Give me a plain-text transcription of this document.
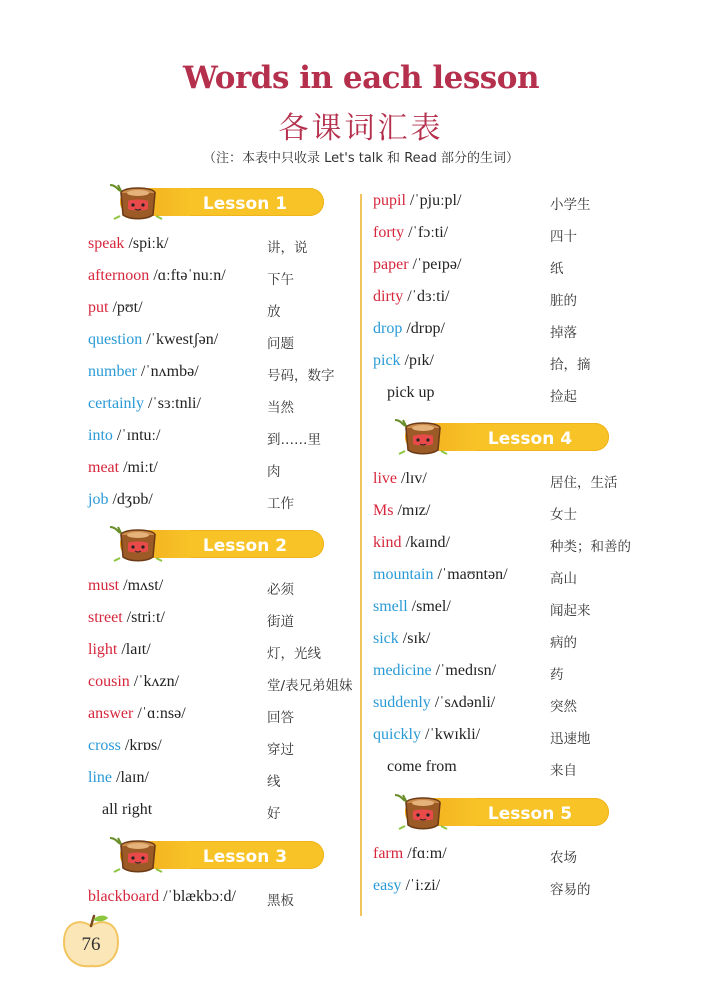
Words in each lesson
各课词汇表
（注：本表中只收录 Let's talk 和 Read 部分的生词）
Lesson 1
speak /spiːk/	讲，说
afternoon /ɑːftəˈnuːn/	下午
put /pʊt/	放
question /ˈkwestʃən/	问题
number /ˈnʌmbə/	号码，数字
certainly /ˈsɜːtnli/	当然
into /ˈɪntuː/	到……里
meat /miːt/	肉
job /dʒɒb/	工作
Lesson 2
must /mʌst/	必须
street /striːt/	街道
light /laɪt/	灯，光线
cousin /ˈkʌzn/	堂/表兄弟姐妹
answer /ˈɑːnsə/	回答
cross /krɒs/	穿过
line /laɪn/	线
all right	好
Lesson 3
blackboard /ˈblækbɔːd/ 黑板
pupil /ˈpjuːpl/	小学生
forty /ˈfɔːti/	四十
paper /ˈpeɪpə/	纸
dirty /ˈdɜːti/	脏的
drop /drɒp/	掉落
pick /pɪk/	拾，摘
pick up	捡起
Lesson 4
live /lɪv/	居住，生活
Ms /mɪz/	女士
kind /kaɪnd/	种类；和善的
mountain /ˈmaʊntən/	高山
smell /smel/	闻起来
sick /sɪk/	病的
medicine /ˈmedɪsn/	药
suddenly /ˈsʌdənli/	突然
quickly /ˈkwɪkli/	迅速地
come from	来自
Lesson 5
farm /fɑːm/	农场
easy /ˈiːzi/	容易的
76
